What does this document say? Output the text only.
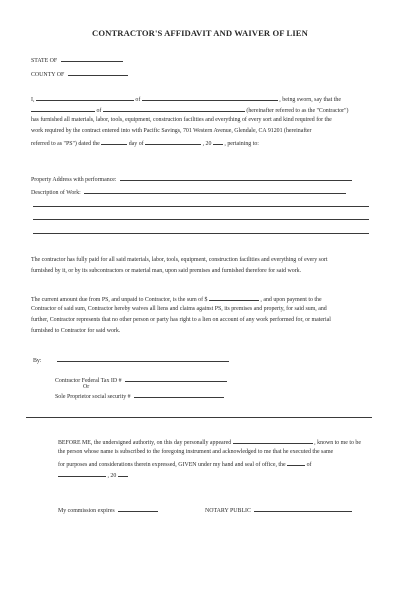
CONTRACTOR'S AFFIDAVIT AND WAIVER OF LIEN
STATE OF
COUNTY OF
I,	of	, being sworn, say that the
of	(hereinafter referred to as the "Contractor")
has furnished all materials, labor, tools, equipment, construction facilities and everything of every sort and kind required for the
work required by the contract entered into with Pacific Savings, 701 Western Avenue, Glendale, CA 91201 (hereinafter
referred to as "PS") dated the	day of	, 20 , pertaining to:
Property Address with performance:
Description of Work:
The contractor has fully paid for all said materials, labor, tools, equipment, construction facilities and everything of every sort
furnished by it, or by its subcontractors or material man, upon said premises and furnished therefore for said work.
The current amount due from PS, and unpaid to Contractor, is the sum of $	, and upon payment to the
Contractor of said sum, Contractor hereby waives all liens and claims against PS, its premises and property, for said sum, and
further, Contractor represents that no other person or party has right to a lien on account of any work performed for, or material
furnished to Contractor for said work.
By:
Contractor Federal Tax ID #
Or
Sole Proprietor social security #
BEFORE ME, the undersigned authority, on this day personally appeared	, known to me to be
the person whose name is subscribed to the foregoing instrument and acknowledged to me that he executed the same
for purposes and considerations therein expressed, GIVEN under my hand and seal of office, the	of
, 20
My commission expires	NOTARY PUBLIC
